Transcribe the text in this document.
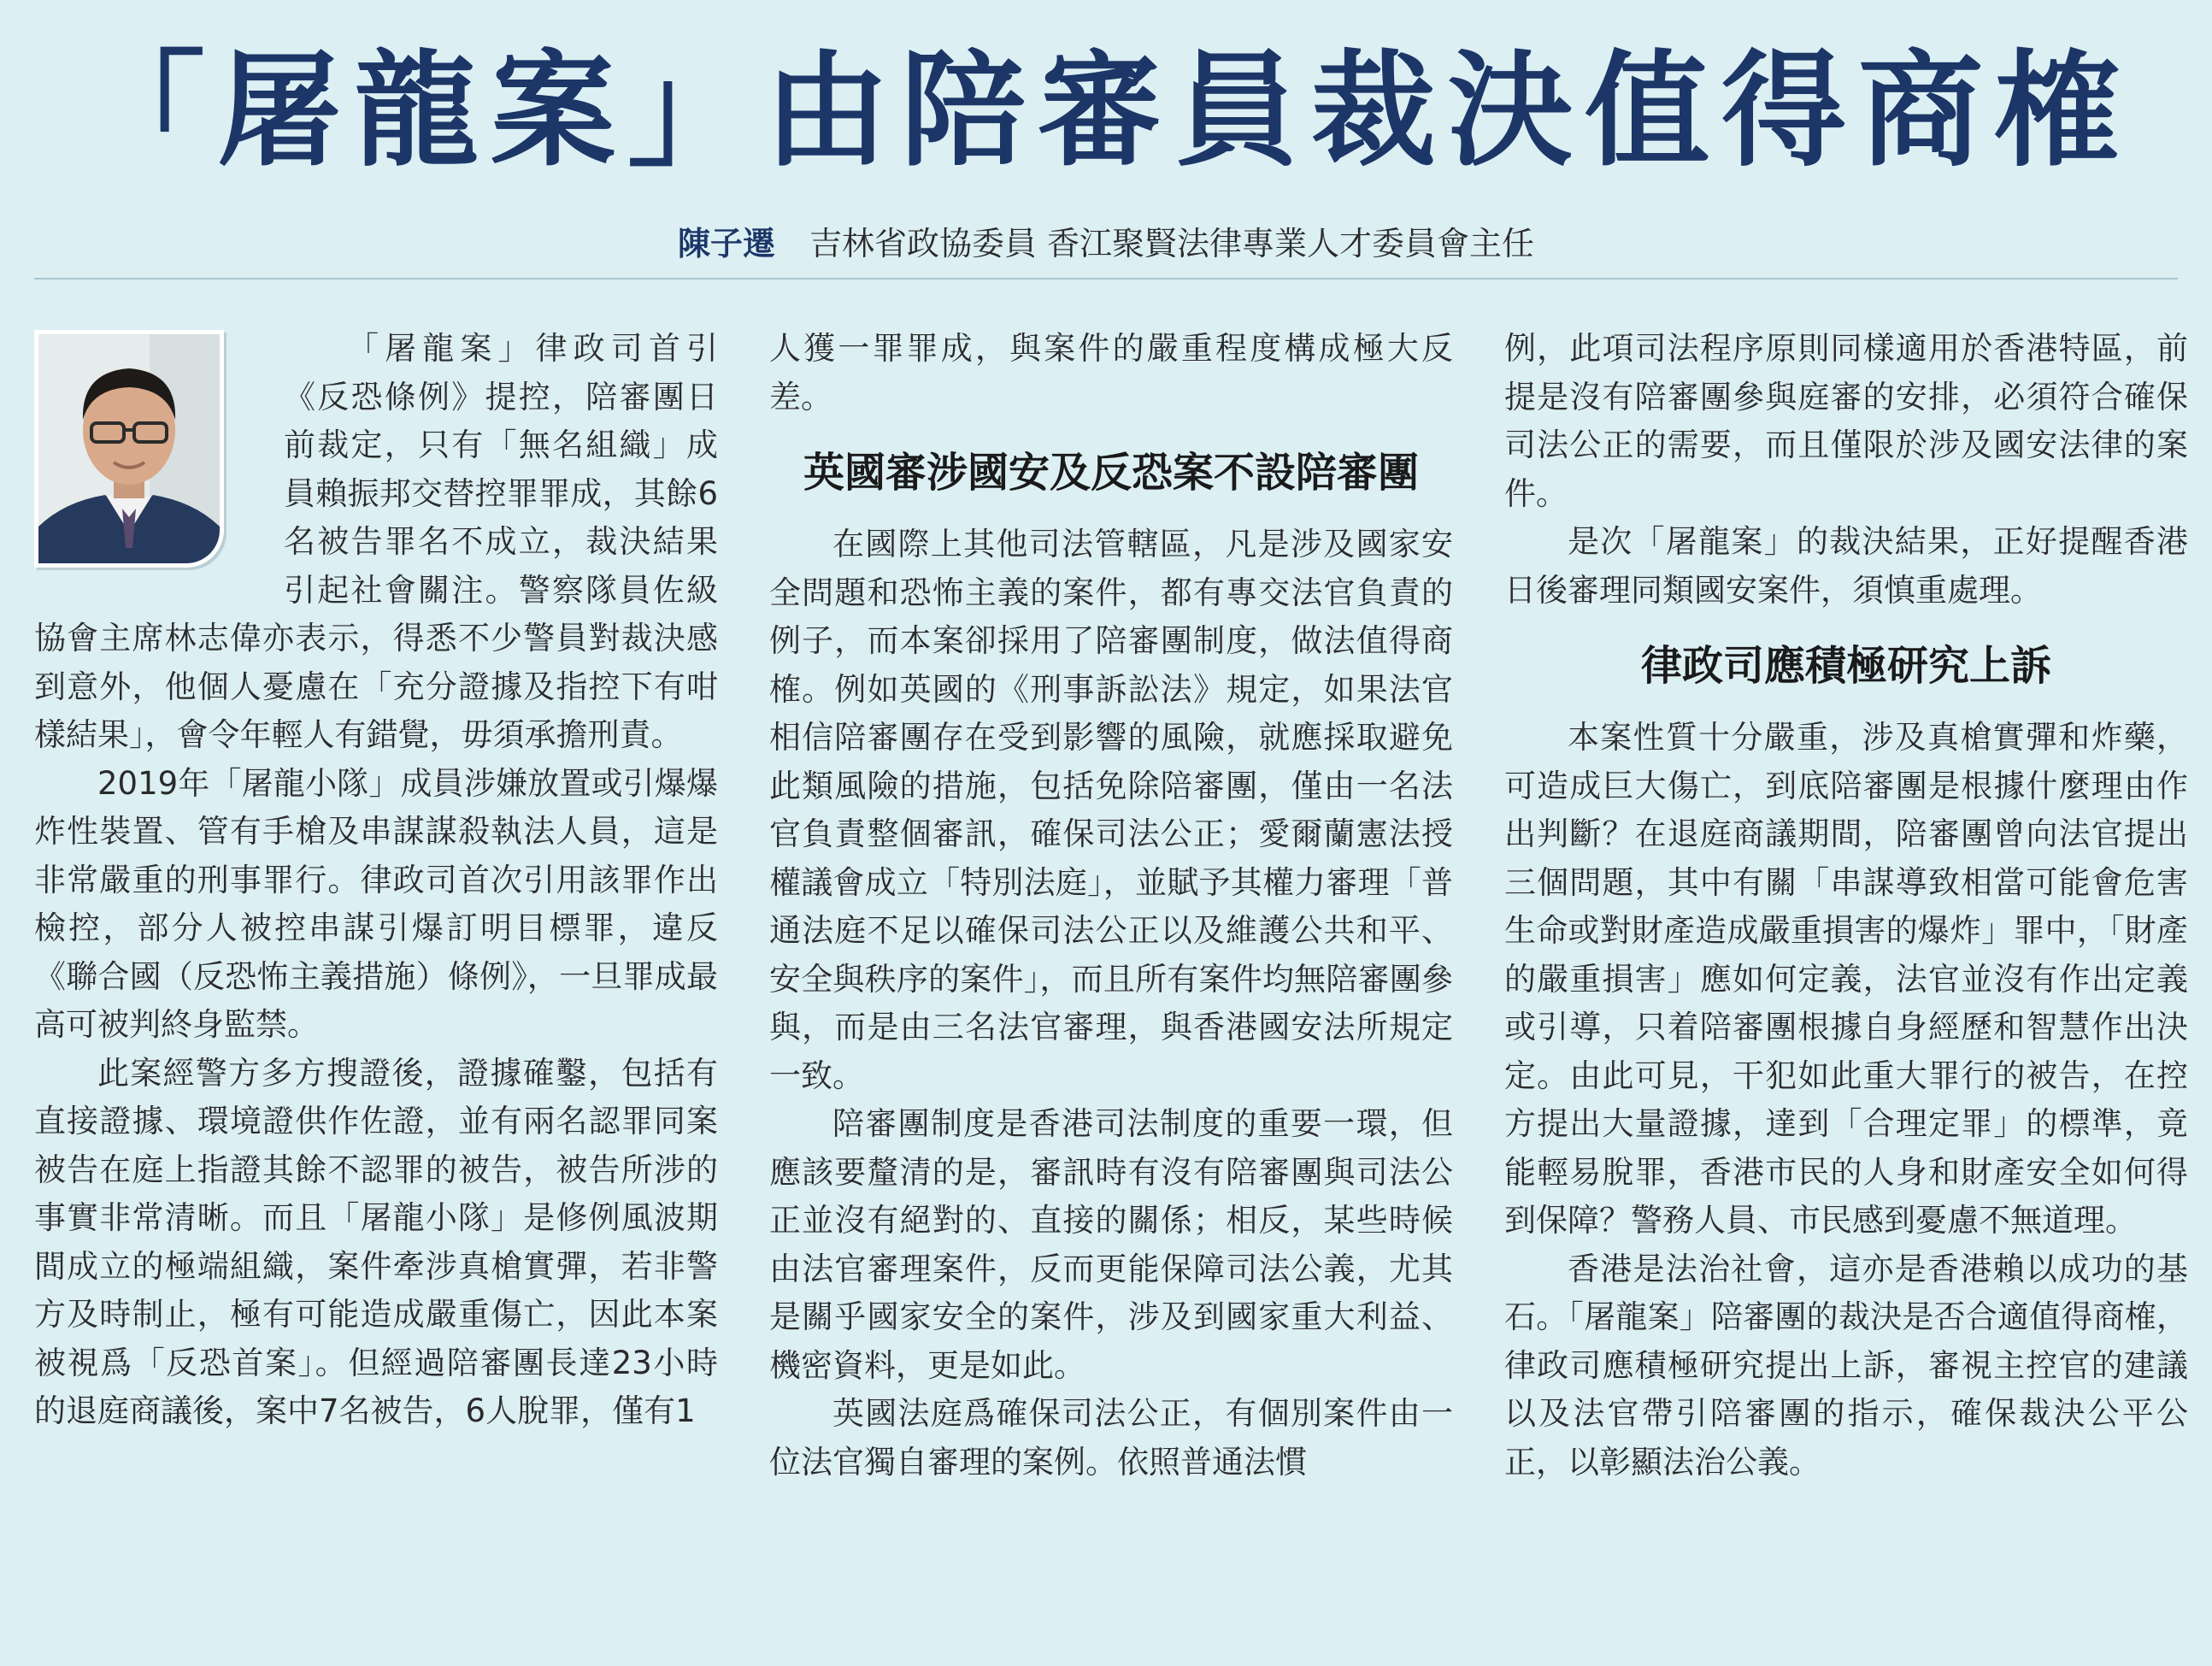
「屠龍案」由陪審員裁決值得商榷
陳子遷 吉林省政協委員 香江聚賢法律專業人才委員會主任

「屠龍案」律政司首引《反恐條例》提控，陪審團日前裁定，只有「無名組織」成員賴振邦交替控罪罪成，其餘6名被告罪名不成立，裁決結果引起社會關注。警察隊員佐級協會主席林志偉亦表示，得悉不少警員對裁決感到意外，他個人憂慮在「充分證據及指控下有咁樣結果」，會令年輕人有錯覺，毋須承擔刑責。

2019年「屠龍小隊」成員涉嫌放置或引爆爆炸性裝置、管有手槍及串謀謀殺執法人員，這是非常嚴重的刑事罪行。律政司首次引用該罪作出檢控，部分人被控串謀引爆訂明目標罪，違反《聯合國（反恐怖主義措施）條例》，一旦罪成最高可被判終身監禁。

此案經警方多方搜證後，證據確鑿，包括有直接證據、環境證供作佐證，並有兩名認罪同案被告在庭上指證其餘不認罪的被告，被告所涉的事實非常清晰。而且「屠龍小隊」是修例風波期間成立的極端組織，案件牽涉真槍實彈，若非警方及時制止，極有可能造成嚴重傷亡，因此本案被視爲「反恐首案」。但經過陪審團長達23小時的退庭商議後，案中7名被告，6人脫罪，僅有1

人獲一罪罪成，與案件的嚴重程度構成極大反差。

英國審涉國安及反恐案不設陪審團

在國際上其他司法管轄區，凡是涉及國家安全問題和恐怖主義的案件，都有專交法官負責的例子，而本案卻採用了陪審團制度，做法值得商榷。例如英國的《刑事訴訟法》規定，如果法官相信陪審團存在受到影響的風險，就應採取避免此類風險的措施，包括免除陪審團，僅由一名法官負責整個審訊，確保司法公正；愛爾蘭憲法授權議會成立「特別法庭」，並賦予其權力審理「普通法庭不足以確保司法公正以及維護公共和平、安全與秩序的案件」，而且所有案件均無陪審團參與，而是由三名法官審理，與香港國安法所規定一致。

陪審團制度是香港司法制度的重要一環，但應該要釐清的是，審訊時有沒有陪審團與司法公正並沒有絕對的、直接的關係；相反，某些時候由法官審理案件，反而更能保障司法公義，尤其是關乎國家安全的案件，涉及到國家重大利益、機密資料，更是如此。

英國法庭爲確保司法公正，有個別案件由一位法官獨自審理的案例。依照普通法慣

例，此項司法程序原則同樣適用於香港特區，前提是沒有陪審團參與庭審的安排，必須符合確保司法公正的需要，而且僅限於涉及國安法律的案件。

是次「屠龍案」的裁決結果，正好提醒香港日後審理同類國安案件，須慎重處理。

律政司應積極研究上訴

本案性質十分嚴重，涉及真槍實彈和炸藥，可造成巨大傷亡，到底陪審團是根據什麼理由作出判斷？在退庭商議期間，陪審團曾向法官提出三個問題，其中有關「串謀導致相當可能會危害生命或對財產造成嚴重損害的爆炸」罪中，「財產的嚴重損害」應如何定義，法官並沒有作出定義或引導，只着陪審團根據自身經歷和智慧作出決定。由此可見，干犯如此重大罪行的被告，在控方提出大量證據，達到「合理定罪」的標準，竟能輕易脫罪，香港市民的人身和財產安全如何得到保障？警務人員、市民感到憂慮不無道理。

香港是法治社會，這亦是香港賴以成功的基石。「屠龍案」陪審團的裁決是否合適值得商榷，律政司應積極研究提出上訴，審視主控官的建議以及法官帶引陪審團的指示，確保裁決公平公正，以彰顯法治公義。
